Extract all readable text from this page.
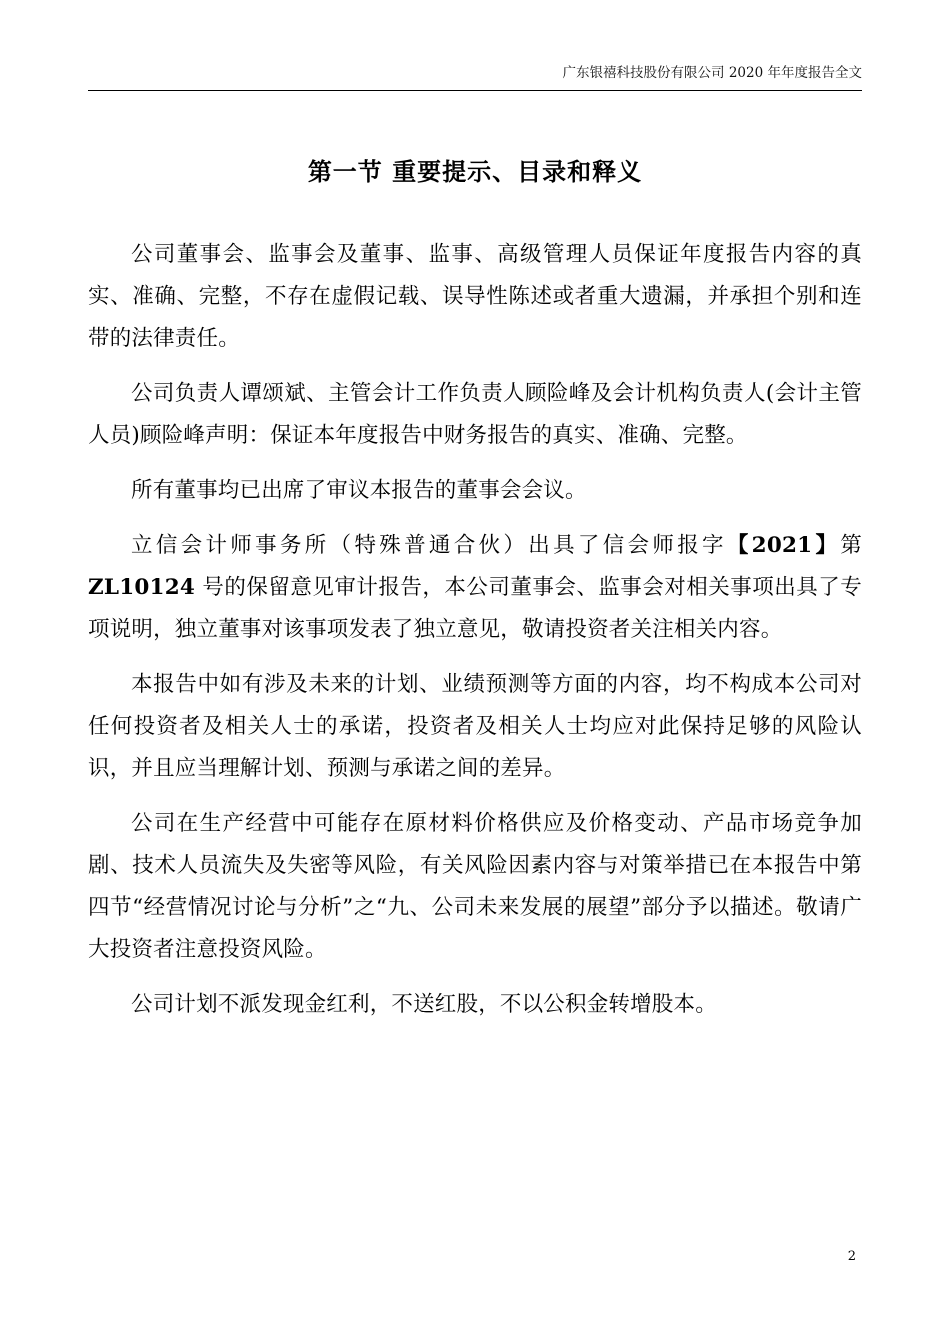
广东银禧科技股份有限公司 2020 年年度报告全文
第一节 重要提示、目录和释义

公司董事会、监事会及董事、监事、高级管理人员保证年度报告内容的真实、准确、完整，不存在虚假记载、误导性陈述或者重大遗漏，并承担个别和连带的法律责任。

公司负责人谭颂斌、主管会计工作负责人顾险峰及会计机构负责人(会计主管人员)顾险峰声明：保证本年度报告中财务报告的真实、准确、完整。

所有董事均已出席了审议本报告的董事会会议。

立信会计师事务所（特殊普通合伙）出具了信会师报字【2021】第 ZL10124 号的保留意见审计报告，本公司董事会、监事会对相关事项出具了专项说明，独立董事对该事项发表了独立意见，敬请投资者关注相关内容。

本报告中如有涉及未来的计划、业绩预测等方面的内容，均不构成本公司对任何投资者及相关人士的承诺，投资者及相关人士均应对此保持足够的风险认识，并且应当理解计划、预测与承诺之间的差异。

公司在生产经营中可能存在原材料价格供应及价格变动、产品市场竞争加剧、技术人员流失及失密等风险，有关风险因素内容与对策举措已在本报告中第四节“经营情况讨论与分析”之“九、公司未来发展的展望”部分予以描述。敬请广大投资者注意投资风险。

公司计划不派发现金红利，不送红股，不以公积金转增股本。

2
